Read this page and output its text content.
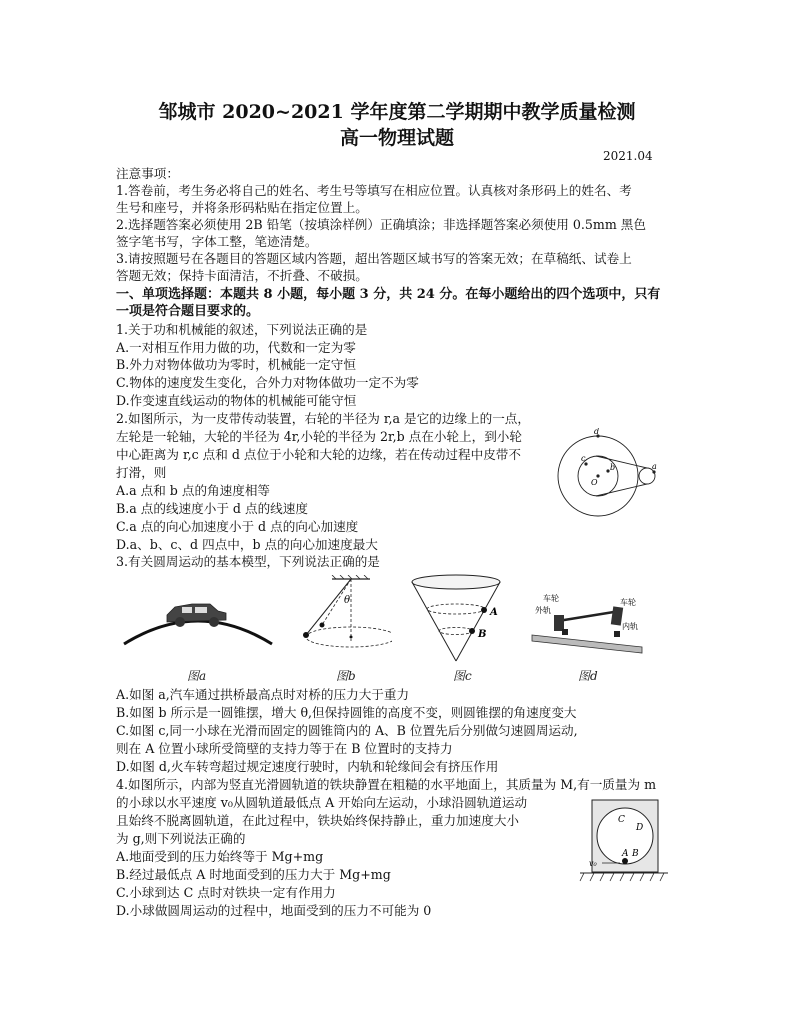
邹城市 2020~2021 学年度第二学期期中教学质量检测
高一物理试题
2021.04
注意事项：
1.答卷前，考生务必将自己的姓名、考生号等填写在相应位置。认真核对条形码上的姓名、考
生号和座号，并将条形码粘贴在指定位置上。
2.选择题答案必须使用 2B 铅笔（按填涂样例）正确填涂；非选择题答案必须使用 0.5mm 黑色
签字笔书写，字体工整，笔迹清楚。
3.请按照题号在各题目的答题区域内答题，超出答题区域书写的答案无效；在草稿纸、试卷上
答题无效；保持卡面清洁，不折叠、不破损。
一、单项选择题：本题共 8 小题，每小题 3 分，共 24 分。在每小题给出的四个选项中，只有
一项是符合题目要求的。
1.关于功和机械能的叙述，下列说法正确的是
A.一对相互作用力做的功，代数和一定为零
B.外力对物体做功为零时，机械能一定守恒
C.物体的速度发生变化，合外力对物体做功一定不为零
D.作变速直线运动的物体的机械能可能守恒
2.如图所示，为一皮带传动装置，右轮的半径为 r,a 是它的边缘上的一点，
左轮是一轮轴，大轮的半径为 4r,小轮的半径为 2r,b 点在小轮上，到小轮
中心距离为 r,c 点和 d 点位于小轮和大轮的边缘，若在传动过程中皮带不
打滑，则
A.a 点和 b 点的角速度相等
B.a 点的线速度小于 d 点的线速度
C.a 点的向心加速度小于 d 点的向心加速度
D.a、b、c、d 四点中，b 点的向心加速度最大
3.有关圆周运动的基本模型，下列说法正确的是
A.如图 a,汽车通过拱桥最高点时对桥的压力大于重力
B.如图 b 所示是一圆锥摆，增大 θ,但保持圆锥的高度不变，则圆锥摆的角速度变大
C.如图 c,同一小球在光滑而固定的圆锥筒内的 A、B 位置先后分别做匀速圆周运动,
则在 A 位置小球所受筒壁的支持力等于在 B 位置时的支持力
D.如图 d,火车转弯超过规定速度行驶时，内轨和轮缘间会有挤压作用
4.如图所示，内部为竖直光滑圆轨道的铁块静置在粗糙的水平地面上，其质量为 M,有一质量为 m
的小球以水平速度 v₀从圆轨道最低点 A 开始向左运动，小球沿圆轨道运动
且始终不脱离圆轨道，在此过程中，铁块始终保持静止，重力加速度大小
为 g,则下列说法正确的
A.地面受到的压力始终等于 Mg+mg
B.经过最低点 A 时地面受到的压力大于 Mg+mg
C.小球到达 C 点时对铁块一定有作用力
D.小球做圆周运动的过程中，地面受到的压力不可能为 0
d
c
b
O
a
图a
θ
图b
A
B
图c
车轮
外轨
车轮
内轨
图d
C
D
B
A
v₀
